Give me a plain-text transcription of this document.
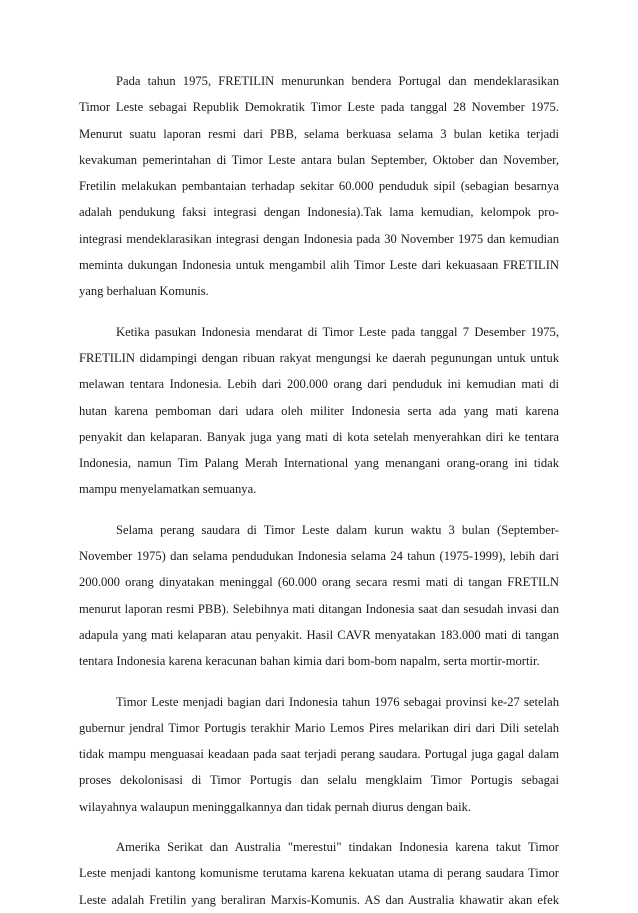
Pada tahun 1975, FRETILIN menurunkan bendera Portugal dan mendeklarasikan
Timor Leste sebagai Republik Demokratik Timor Leste pada tanggal 28 November 1975.
Menurut suatu laporan resmi dari PBB, selama berkuasa selama 3 bulan ketika terjadi
kevakuman pemerintahan di Timor Leste antara bulan September, Oktober dan November,
Fretilin melakukan pembantaian terhadap sekitar 60.000 penduduk sipil (sebagian besarnya
adalah pendukung faksi integrasi dengan Indonesia).Tak lama kemudian, kelompok pro-
integrasi mendeklarasikan integrasi dengan Indonesia pada 30 November 1975 dan kemudian
meminta dukungan Indonesia untuk mengambil alih Timor Leste dari kekuasaan FRETILIN
yang berhaluan Komunis.
Ketika pasukan Indonesia mendarat di Timor Leste pada tanggal 7 Desember 1975,
FRETILIN didampingi dengan ribuan rakyat mengungsi ke daerah pegunungan untuk untuk
melawan tentara Indonesia. Lebih dari 200.000 orang dari penduduk ini kemudian mati di
hutan karena pemboman dari udara oleh militer Indonesia serta ada yang mati karena
penyakit dan kelaparan. Banyak juga yang mati di kota setelah menyerahkan diri ke tentara
Indonesia, namun Tim Palang Merah International yang menangani orang-orang ini tidak
mampu menyelamatkan semuanya.
Selama perang saudara di Timor Leste dalam kurun waktu 3 bulan (September-
November 1975) dan selama pendudukan Indonesia selama 24 tahun (1975-1999), lebih dari
200.000 orang dinyatakan meninggal (60.000 orang secara resmi mati di tangan FRETILN
menurut laporan resmi PBB). Selebihnya mati ditangan Indonesia saat dan sesudah invasi dan
adapula yang mati kelaparan atau penyakit. Hasil CAVR menyatakan 183.000 mati di tangan
tentara Indonesia karena keracunan bahan kimia dari bom-bom napalm, serta mortir-mortir.
Timor Leste menjadi bagian dari Indonesia tahun 1976 sebagai provinsi ke-27 setelah
gubernur jendral Timor Portugis terakhir Mario Lemos Pires melarikan diri dari Dili setelah
tidak mampu menguasai keadaan pada saat terjadi perang saudara. Portugal juga gagal dalam
proses dekolonisasi di Timor Portugis dan selalu mengklaim Timor Portugis sebagai
wilayahnya walaupun meninggalkannya dan tidak pernah diurus dengan baik.
Amerika Serikat dan Australia "merestui" tindakan Indonesia karena takut Timor
Leste menjadi kantong komunisme terutama karena kekuatan utama di perang saudara Timor
Leste adalah Fretilin yang beraliran Marxis-Komunis. AS dan Australia khawatir akan efek
